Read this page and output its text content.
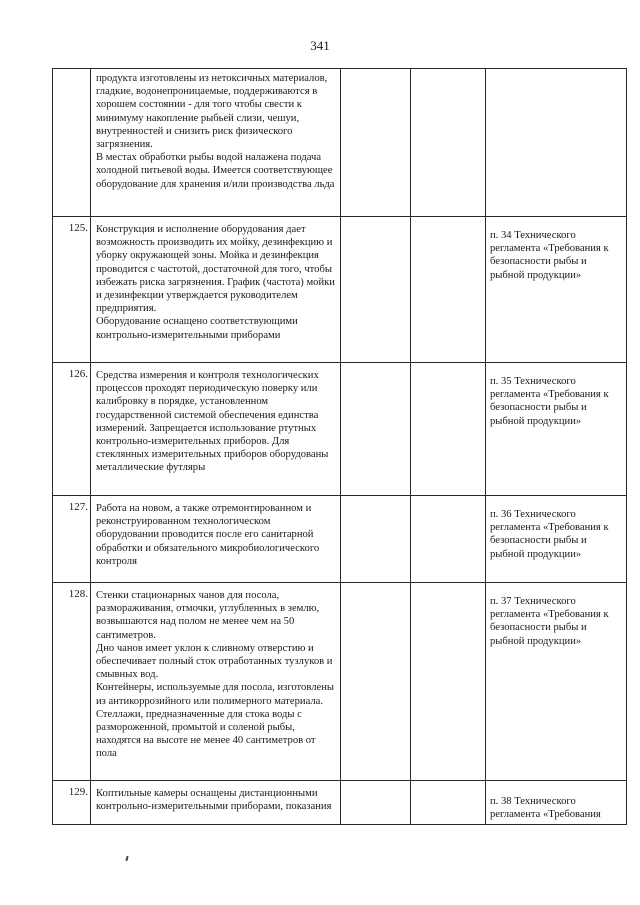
341

	продукта изготовлены из нетоксичных материалов, гладкие, водонепроницаемые, поддерживаются в хорошем состоянии - для того чтобы свести к минимуму накопление рыбьей слизи, чешуи, внутренностей и снизить риск физического загрязнения.

В местах обработки рыбы водой налажена подача холодной питьевой воды. Имеется соответствующее оборудование для хранения и/или производства льда			

125.	Конструкция и исполнение оборудования дает возможность производить их мойку, дезинфекцию и уборку окружающей зоны. Мойка и дезинфекция проводится с частотой, достаточной для того, чтобы избежать риска загрязнения. График (частота) мойки и дезинфекции утверждается руководителем предприятия.

Оборудование оснащено соответствующими контрольно-измерительными приборами			п. 34 Технического регламента «Требования к безопасности рыбы и рыбной продукции»

126.	Средства измерения и контроля технологических процессов проходят периодическую поверку или калибровку в порядке, установленном государственной системой обеспечения единства измерений. Запрещается использование ртутных контрольно-измерительных приборов. Для стеклянных измерительных приборов оборудованы металлические футляры			п. 35 Технического регламента «Требования к безопасности рыбы и рыбной продукции»

127.	Работа на новом, а также отремонтированном и реконструированном технологическом оборудовании проводится после его санитарной обработки и обязательного микробиологического контроля			п. 36 Технического регламента «Требования к безопасности рыбы и рыбной продукции»

128.	Стенки стационарных чанов для посола, размораживания, отмочки, углубленных в землю, возвышаются над полом не менее чем на 50 сантиметров.

Дно чанов имеет уклон к сливному отверстию и обеспечивает полный сток отработанных тузлуков и смывных вод.

Контейнеры, используемые для посола, изготовлены из антикоррозийного или полимерного материала.

Стеллажи, предназначенные для стока воды с размороженной, промытой и соленой рыбы, находятся на высоте не менее 40 сантиметров от пола			п. 37 Технического регламента «Требования к безопасности рыбы и рыбной продукции»

129.	Коптильные камеры оснащены дистанционными контрольно-измерительными приборами, показания			п. 38 Технического регламента «Требования
